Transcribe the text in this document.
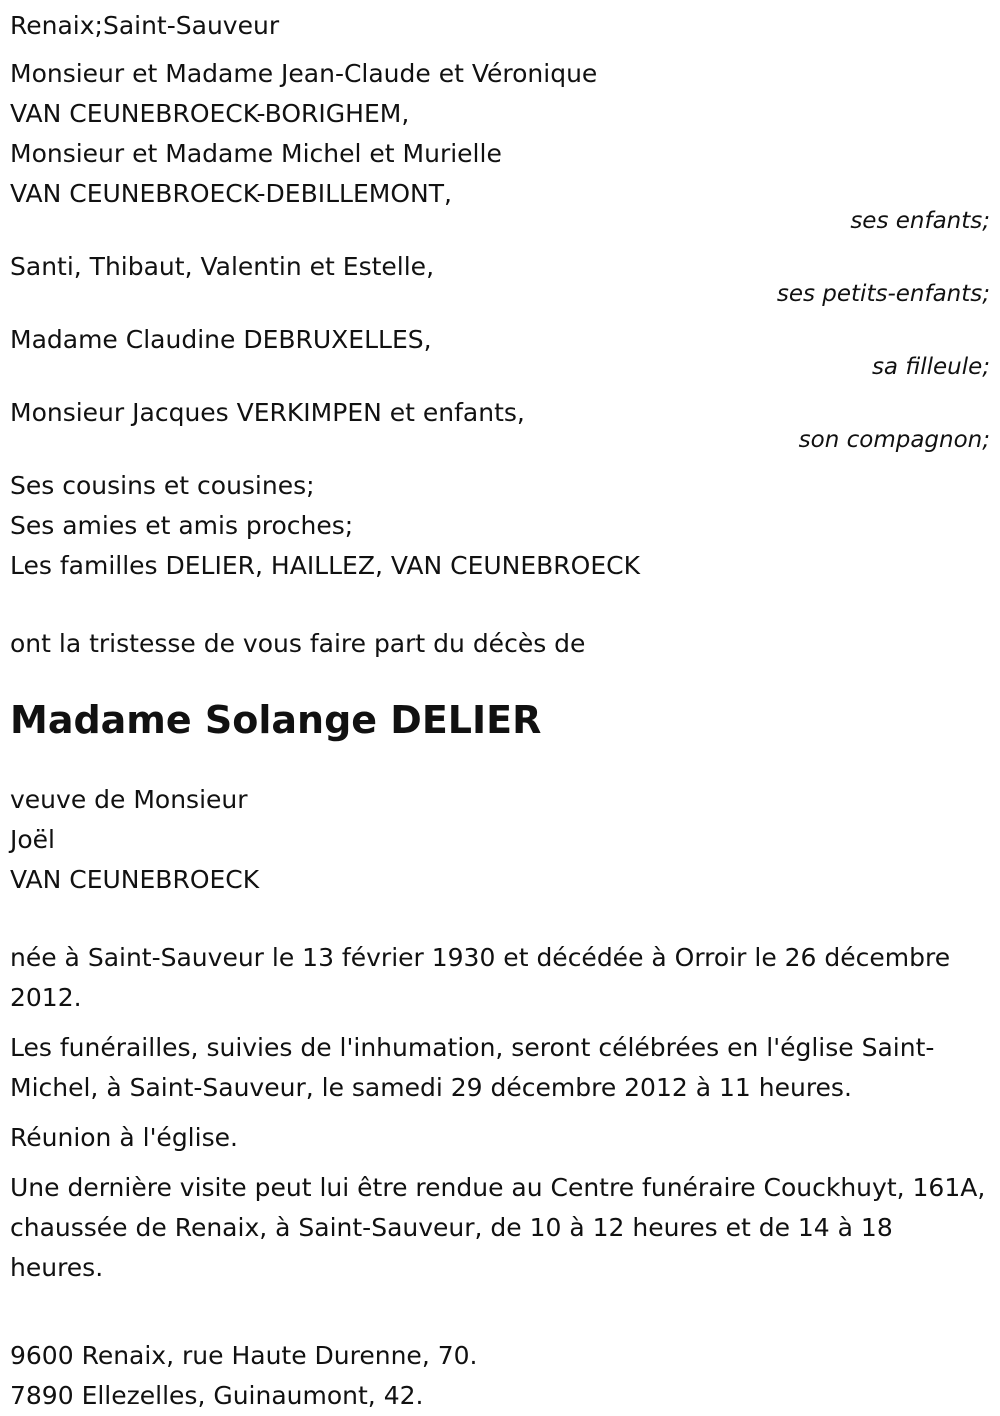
Renaix;Saint-Sauveur
Monsieur et Madame Jean-Claude et Véronique
VAN CEUNEBROECK-BORIGHEM,
Monsieur et Madame Michel et Murielle
VAN CEUNEBROECK-DEBILLEMONT,
ses enfants;
Santi, Thibaut, Valentin et Estelle,
ses petits-enfants;
Madame Claudine DEBRUXELLES,
sa filleule;
Monsieur Jacques VERKIMPEN et enfants,
son compagnon;
Ses cousins et cousines;
Ses amies et amis proches;
Les familles DELIER, HAILLEZ, VAN CEUNEBROECK
ont la tristesse de vous faire part du décès de
Madame Solange DELIER
veuve de Monsieur
Joël
VAN CEUNEBROECK
née à Saint-Sauveur le 13 février 1930 et décédée à Orroir le 26 décembre 2012.
Les funérailles, suivies de l'inhumation, seront célébrées en l'église Saint-Michel, à Saint-Sauveur, le samedi 29 décembre 2012 à 11 heures.
Réunion à l'église.
Une dernière visite peut lui être rendue au Centre funéraire Couckhuyt, 161A, chaussée de Renaix, à Saint-Sauveur, de 10 à 12 heures et de 14 à 18 heures.
9600 Renaix, rue Haute Durenne, 70.
7890 Ellezelles, Guinaumont, 42.
